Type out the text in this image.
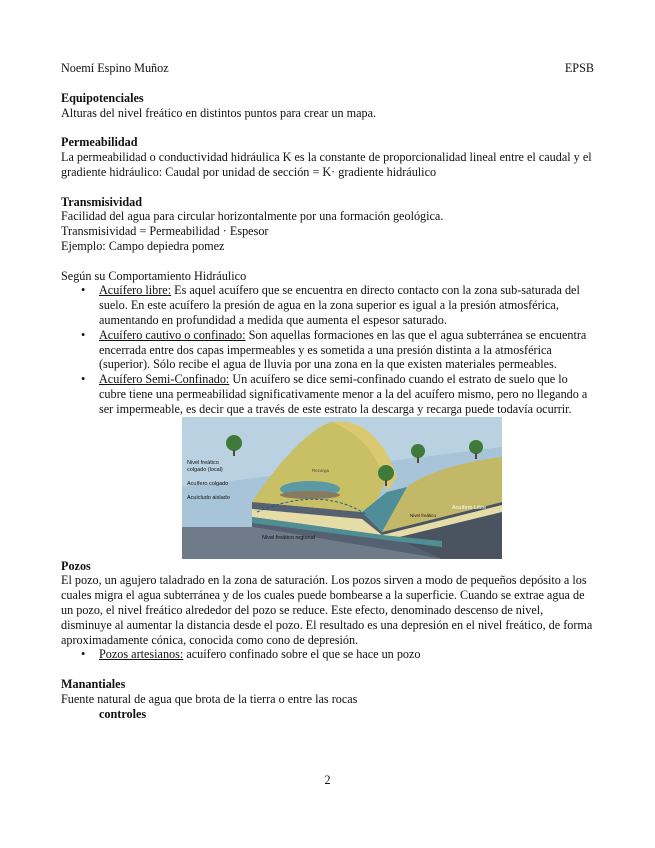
Noemí Espino Muñoz	EPSB
Equipotenciales

Alturas del nivel freático en distintos puntos para crear un mapa.

Permeabilidad

La permeabilidad o conductividad hidráulica K es la constante de proporcionalidad lineal entre el caudal y el gradiente hidráulico: Caudal por unidad de sección = K· gradiente hidráulico

Transmisividad

Facilidad del agua para circular horizontalmente por una formación geológica.

Transmisividad = Permeabilidad · Espesor

Ejemplo: Campo depiedra pomez

Según su Comportamiento Hidráulico

• Acuífero libre: Es aquel acuífero que se encuentra en directo contacto con la zona sub-saturada del suelo. En este acuífero la presión de agua en la zona superior es igual a la presión atmosférica, aumentando en profundidad a medida que aumenta el espesor saturado.
• Acuífero cautivo o confinado: Son aquellas formaciones en las que el agua subterránea se encuentra encerrada entre dos capas impermeables y es sometida a una presión distinta a la atmosférica (superior). Sólo recibe el agua de lluvia por una zona en la que existen materiales permeables.
• Acuífero Semi-Confinado: Un acuífero se dice semi-confinado cuando el estrato de suelo que lo cubre tiene una permeabilidad significativamente menor a la del acuífero mismo, pero no llegando a ser impermeable, es decir que a través de este estrato la descarga y recarga puede todavía ocurrir.
Nivel freático
colgado (local)
Acuífero colgado
Acuicludo aislado
Nivel freático regional
Acuífero Libre
Recarga
Nivel freático
Pozos

El pozo, un agujero taladrado en la zona de saturación. Los pozos sirven a modo de pequeños depósito a los cuales migra el agua subterránea y de los cuales puede bombearse a la superficie. Cuando se extrae agua de un pozo, el nivel freático alrededor del pozo se reduce. Este efecto, denominado descenso de nivel, disminuye al aumentar la distancia desde el pozo. El resultado es una depresión en el nivel freático, de forma aproximadamente cónica, conocida como cono de depresión.

• Pozos artesianos: acuífero confinado sobre el que se hace un pozo
Manantiales

Fuente natural de agua que brota de la tierra o entre las rocas

controles

2
